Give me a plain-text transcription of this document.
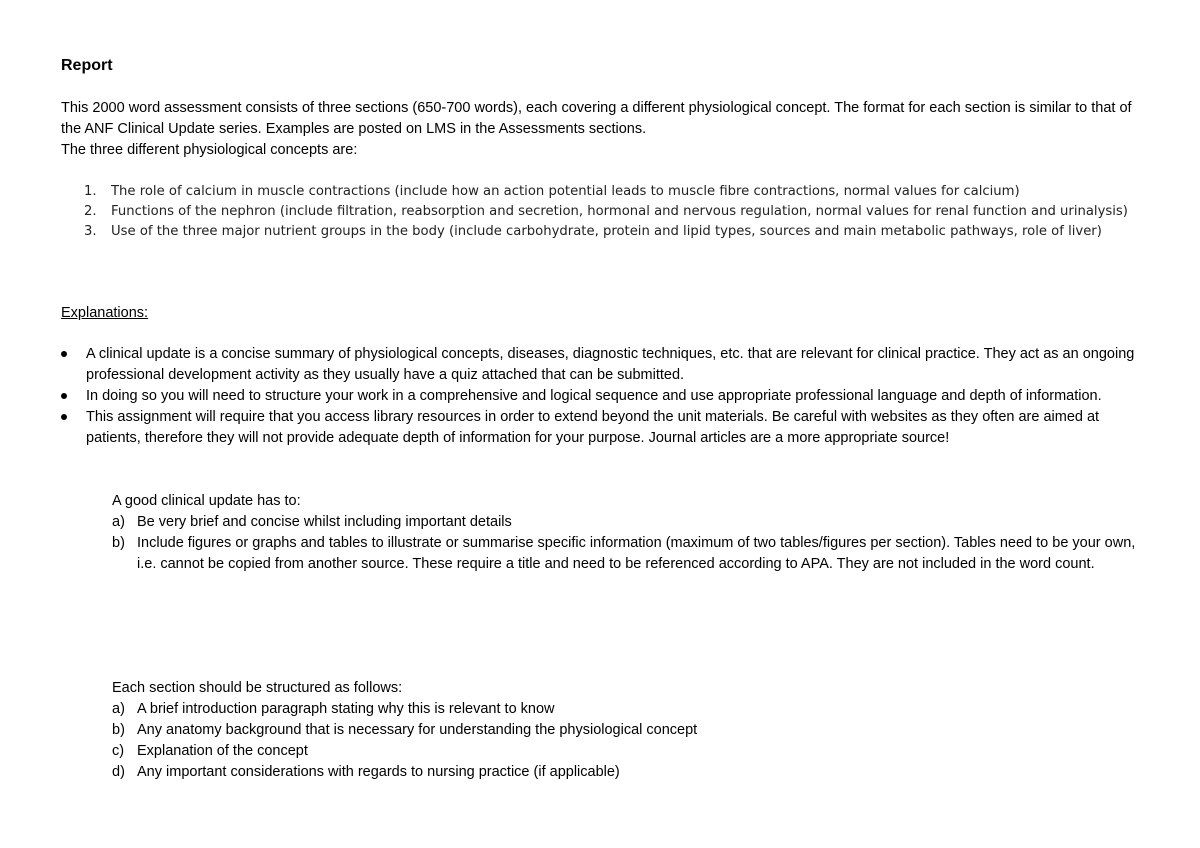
Report

This 2000 word assessment consists of three sections (650-700 words), each covering a different physiological concept. The format for each section is similar to that of the ANF Clinical Update series. Examples are posted on LMS in the Assessments sections.

The three different physiological concepts are:

1. The role of calcium in muscle contractions (include how an action potential leads to muscle fibre contractions, normal values for calcium)
2. Functions of the nephron (include filtration, reabsorption and secretion, hormonal and nervous regulation, normal values for renal function and urinalysis)
3. Use of the three major nutrient groups in the body (include carbohydrate, protein and lipid types, sources and main metabolic pathways, role of liver)
Explanations:
A clinical update is a concise summary of physiological concepts, diseases, diagnostic techniques, etc. that are relevant for clinical practice. They act as an ongoing professional development activity as they usually have a quiz attached that can be submitted.
In doing so you will need to structure your work in a comprehensive and logical sequence and use appropriate professional language and depth of information.
This assignment will require that you access library resources in order to extend beyond the unit materials. Be careful with websites as they often are aimed at patients, therefore they will not provide adequate depth of information for your purpose. Journal articles are a more appropriate source!
A good clinical update has to:
a) Be very brief and concise whilst including important details
b) Include figures or graphs and tables to illustrate or summarise specific information (maximum of two tables/figures per section). Tables need to be your own, i.e. cannot be copied from another source. These require a title and need to be referenced according to APA. They are not included in the word count.
Each section should be structured as follows:
a) A brief introduction paragraph stating why this is relevant to know
b) Any anatomy background that is necessary for understanding the physiological concept
c) Explanation of the concept
d) Any important considerations with regards to nursing practice (if applicable)
